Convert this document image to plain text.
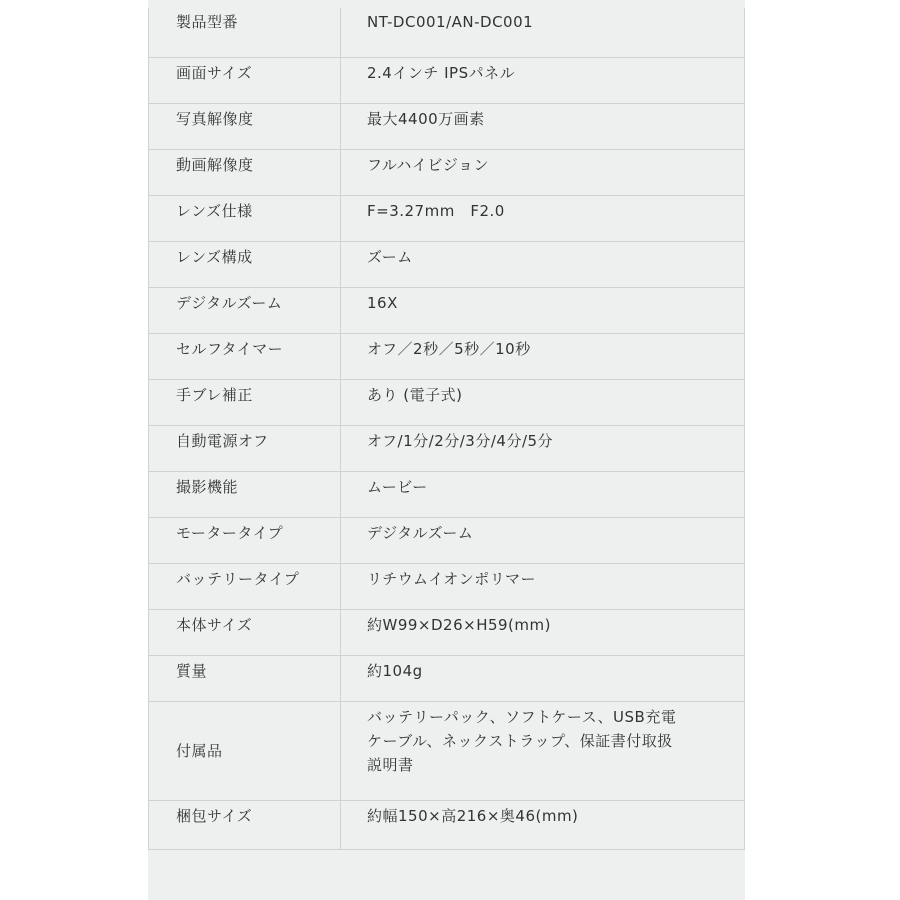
製品型番	NT-DC001/AN-DC001
画面サイズ	2.4インチ IPSパネル
写真解像度	最大4400万画素
動画解像度	フルハイビジョン
レンズ仕様	F=3.27mm　F2.0
レンズ構成	ズーム
デジタルズーム	16X
セルフタイマー	オフ／2秒／5秒／10秒
手ブレ補正	あり (電子式)
自動電源オフ	オフ/1分/2分/3分/4分/5分
撮影機能	ムービー
モータータイプ	デジタルズーム
バッテリータイプ	リチウムイオンポリマー
本体サイズ	約W99×D26×H59(mm)
質量	約104g
付属品	バッテリーパック、ソフトケース、USB充電
ケーブル、ネックストラップ、保証書付取扱
説明書
梱包サイズ	約幅150×高216×奥46(mm)
